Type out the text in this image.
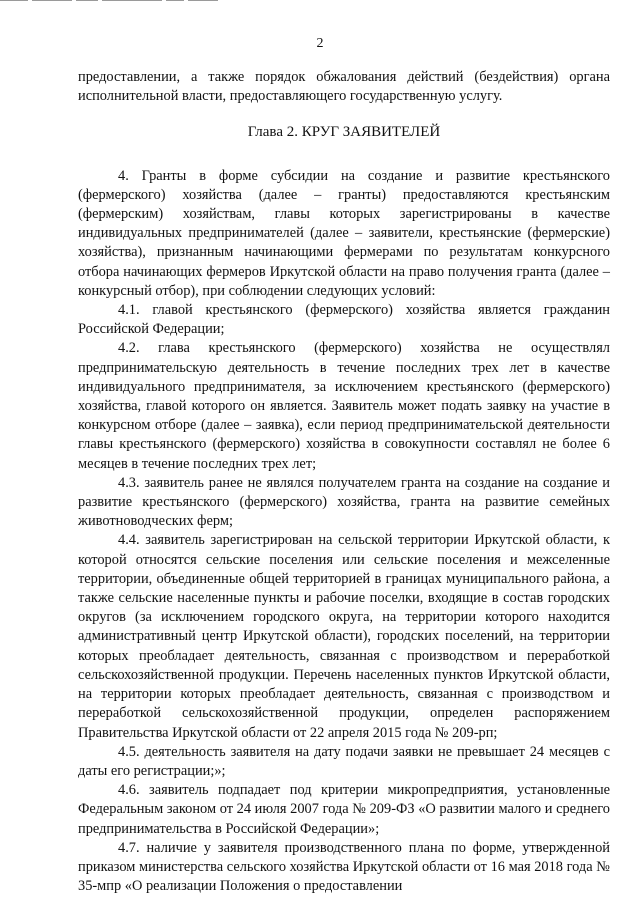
2

предоставлении, а также порядок обжалования действий (бездействия) органа исполнительной власти, предоставляющего государственную услугу.

Глава 2. КРУГ ЗАЯВИТЕЛЕЙ

4. Гранты в форме субсидии на создание и развитие крестьянского (фермерского) хозяйства (далее – гранты) предоставляются крестьянским (фермерским) хозяйствам, главы которых зарегистрированы в качестве индивидуальных предпринимателей (далее – заявители, крестьянские (фермерские) хозяйства), признанным начинающими фермерами по результатам конкурсного отбора начинающих фермеров Иркутской области на право получения гранта (далее – конкурсный отбор), при соблюдении следующих условий:

4.1. главой крестьянского (фермерского) хозяйства является гражданин Российской Федерации;

4.2. глава крестьянского (фермерского) хозяйства не осуществлял предпринимательскую деятельность в течение последних трех лет в качестве индивидуального предпринимателя, за исключением крестьянского (фермерского) хозяйства, главой которого он является. Заявитель может подать заявку на участие в конкурсном отборе (далее – заявка), если период предпринимательской деятельности главы крестьянского (фермерского) хозяйства в совокупности составлял не более 6 месяцев в течение последних трех лет;

4.3. заявитель ранее не являлся получателем гранта на создание на создание и развитие крестьянского (фермерского) хозяйства, гранта на развитие семейных животноводческих ферм;

4.4. заявитель зарегистрирован на сельской территории Иркутской области, к которой относятся сельские поселения или сельские поселения и межселенные территории, объединенные общей территорией в границах муниципального района, а также сельские населенные пункты и рабочие поселки, входящие в состав городских округов (за исключением городского округа, на территории которого находится административный центр Иркутской области), городских поселений, на территории которых преобладает деятельность, связанная с производством и переработкой сельскохозяйственной продукции. Перечень населенных пунктов Иркутской области, на территории которых преобладает деятельность, связанная с производством и переработкой сельскохозяйственной продукции, определен распоряжением Правительства Иркутской области от 22 апреля 2015 года № 209-рп;

4.5. деятельность заявителя на дату подачи заявки не превышает 24 месяцев с даты его регистрации;»;

4.6. заявитель подпадает под критерии микропредприятия, установленные Федеральным законом от 24 июля 2007 года № 209-ФЗ «О развитии малого и среднего предпринимательства в Российской Федерации»;

4.7. наличие у заявителя производственного плана по форме, утвержденной приказом министерства сельского хозяйства Иркутской области от 16 мая 2018 года № 35-мпр «О реализации Положения о предоставлении
